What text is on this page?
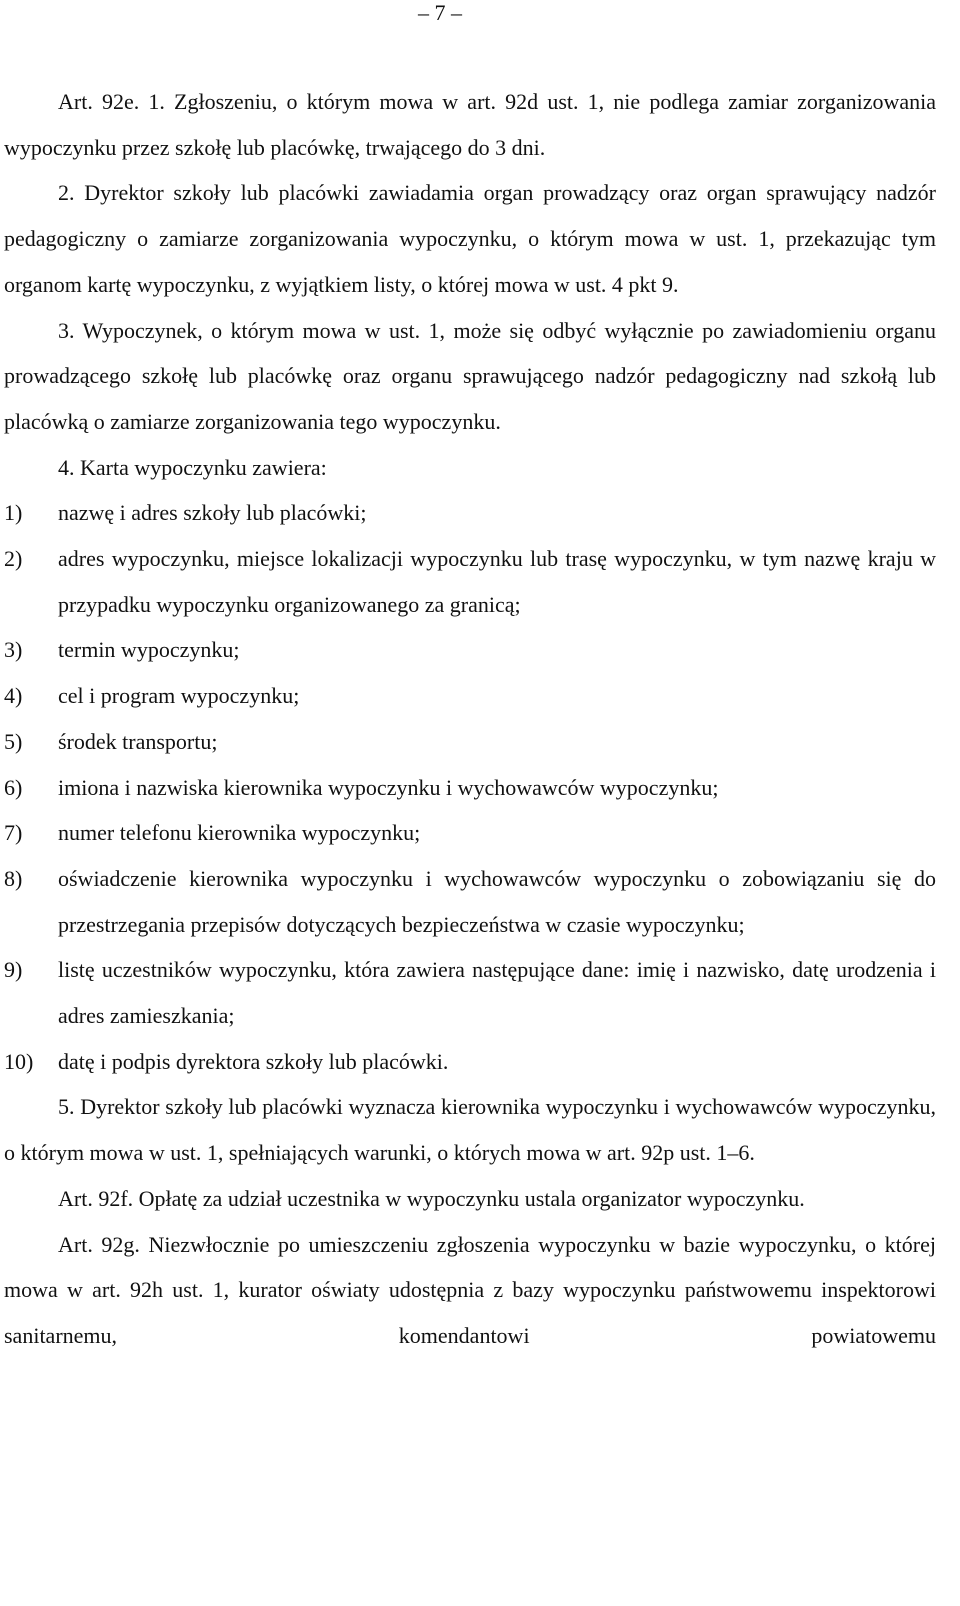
– 7 –

Art. 92e. 1. Zgłoszeniu, o którym mowa w art. 92d ust. 1, nie podlega zamiar zorganizowania wypoczynku przez szkołę lub placówkę, trwającego do 3 dni.

2. Dyrektor szkoły lub placówki zawiadamia organ prowadzący oraz organ sprawujący nadzór pedagogiczny o zamiarze zorganizowania wypoczynku, o którym mowa w ust. 1, przekazując tym organom kartę wypoczynku, z wyjątkiem listy, o której mowa w ust. 4 pkt 9.

3. Wypoczynek, o którym mowa w ust. 1, może się odbyć wyłącznie po zawiadomieniu organu prowadzącego szkołę lub placówkę oraz organu sprawującego nadzór pedagogiczny nad szkołą lub placówką o zamiarze zorganizowania tego wypoczynku.

4. Karta wypoczynku zawiera:

1)	nazwę i adres szkoły lub placówki;
2)	adres wypoczynku, miejsce lokalizacji wypoczynku lub trasę wypoczynku, w tym nazwę kraju w przypadku wypoczynku organizowanego za granicą;
3)	termin wypoczynku;
4)	cel i program wypoczynku;
5)	środek transportu;
6)	imiona i nazwiska kierownika wypoczynku i wychowawców wypoczynku;
7)	numer telefonu kierownika wypoczynku;
8)	oświadczenie kierownika wypoczynku i wychowawców wypoczynku o zobowiązaniu się do przestrzegania przepisów dotyczących bezpieczeństwa w czasie wypoczynku;
9)	listę uczestników wypoczynku, która zawiera następujące dane: imię i nazwisko, datę urodzenia i adres zamieszkania;
10)	datę i podpis dyrektora szkoły lub placówki.

5. Dyrektor szkoły lub placówki wyznacza kierownika wypoczynku i wychowawców wypoczynku, o którym mowa w ust. 1, spełniających warunki, o których mowa w art. 92p ust. 1–6.

Art. 92f. Opłatę za udział uczestnika w wypoczynku ustala organizator wypoczynku.

Art. 92g. Niezwłocznie po umieszczeniu zgłoszenia wypoczynku w bazie wypoczynku, o której mowa w art. 92h ust. 1, kurator oświaty udostępnia z bazy wypoczynku państwowemu inspektorowi sanitarnemu, komendantowi powiatowemu
